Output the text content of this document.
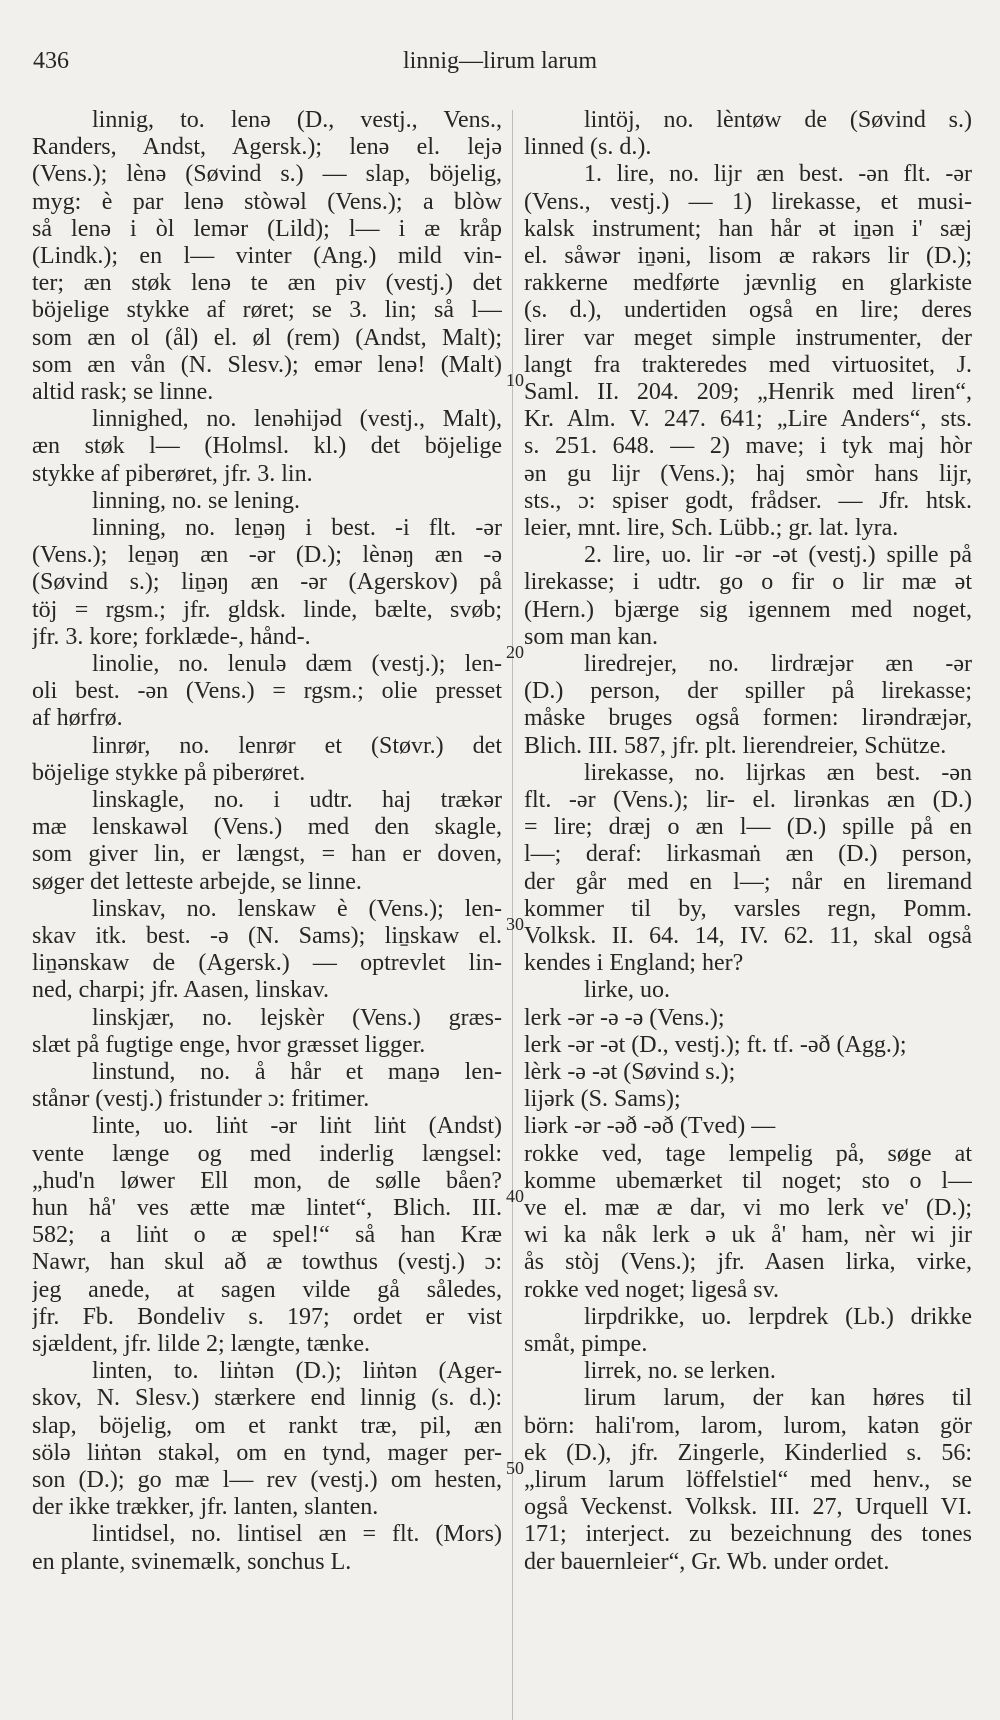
436	linnig—lirum larum
linnig, to. lenə (D., vestj., Vens.,
Randers, Andst, Agersk.); lenə el. lejə
(Vens.); lènə (Søvind s.) — slap, böjelig,
myg: è par lenə stòwəl (Vens.); a blòw
så lenə i òl lemər (Lild); l— i æ kråp
(Lindk.); en l— vinter (Ang.) mild vin-
ter; æn støk lenə te æn piv (vestj.) det
böjelige stykke af røret; se 3. lin; så l—
som æn ol (ål) el. øl (rem) (Andst, Malt);
som æn vån (N. Slesv.); emər lenə! (Malt)
altid rask; se linne.
linnighed, no. lenəhijəd (vestj., Malt),
æn støk l— (Holmsl. kl.) det böjelige
stykke af piberøret, jfr. 3. lin.
linning, no. se lening.
linning, no. leṉəŋ i best. -i flt. -ər
(Vens.); leṉəŋ æn -ər (D.); lènəŋ æn -ə
(Søvind s.); liṉəŋ æn -ər (Agerskov) på
töj = rgsm.; jfr. gldsk. linde, bælte, svøb;
jfr. 3. kore; forklæde-, hånd-.
linolie, no. lenulə dæm (vestj.); len-
oli best. -ən (Vens.) = rgsm.; olie presset
af hørfrø.
linrør, no. lenrør et (Støvr.) det
böjelige stykke på piberøret.
linskagle, no. i udtr. haj trækər
mæ lenskawəl (Vens.) med den skagle,
som giver lin, er længst, = han er doven,
søger det letteste arbejde, se linne.
linskav, no. lenskaw è (Vens.); len-
skav itk. best. -ə (N. Sams); liṉskaw el.
liṉənskaw de (Agersk.) — optrevlet lin-
ned, charpi; jfr. Aasen, linskav.
linskjær, no. lejskèr (Vens.) græs-
slæt på fugtige enge, hvor græsset ligger.
linstund, no. å hår et maṉə len-
stånər (vestj.) fristunder ɔ: fritimer.
linte, uo. liṅt -ər liṅt liṅt (Andst)
vente længe og med inderlig længsel:
„hud'n løwer Ell mon, de sølle båen?
hun hå' ves ætte mæ lintet“, Blich. III.
582; a liṅt o æ spel!“ så han Kræ
Nawr, han skul að æ towthus (vestj.) ɔ:
jeg anede, at sagen vilde gå således,
jfr. Fb. Bondeliv s. 197; ordet er vist
sjældent, jfr. lilde 2; længte, tænke.
linten, to. liṅtən (D.); liṅtən (Ager-
skov, N. Slesv.) stærkere end linnig (s. d.):
slap, böjelig, om et rankt træ, pil, æn
sölə liṅtən stakəl, om en tynd, mager per-
son (D.); go mæ l— rev (vestj.) om hesten,
der ikke trækker, jfr. lanten, slanten.
lintidsel, no. lintisel æn = flt. (Mors)
en plante, svinemælk, sonchus L.
lintöj, no. lèntøw de (Søvind s.)
linned (s. d.).
1. lire, no. lijr æn best. -ən flt. -ər
(Vens., vestj.) — 1) lirekasse, et musi-
kalsk instrument; han hår ət iṉən i' sæj
el. såwər iṉəni, lisom æ rakərs lir (D.);
rakkerne medførte jævnlig en glarkiste
(s. d.), undertiden også en lire; deres
lirer var meget simple instrumenter, der
langt fra trakteredes med virtuositet, J.
Saml. II. 204. 209; „Henrik med liren“,
Kr. Alm. V. 247. 641; „Lire Anders“, sts.
s. 251. 648. — 2) mave; i tyk maj hòr
ən gu lijr (Vens.); haj smòr hans lijr,
sts., ɔ: spiser godt, frådser. — Jfr. htsk.
leier, mnt. lire, Sch. Lübb.; gr. lat. lyra.
2. lire, uo. lir -ər -ət (vestj.) spille på
lirekasse; i udtr. go o fir o lir mæ ət
(Hern.) bjærge sig igennem med noget,
som man kan.
liredrejer, no. lirdræjər æn -ər
(D.) person, der spiller på lirekasse;
måske bruges også formen: lirəndræjər,
Blich. III. 587, jfr. plt. lierendreier, Schütze.
lirekasse, no. lijrkas æn best. -ən
flt. -ər (Vens.); lir- el. lirənkas æn (D.)
= lire; dræj o æn l— (D.) spille på en
l—; deraf: lirkasmaṅ æn (D.) person,
der går med en l—; når en liremand
kommer til by, varsles regn, Pomm.
Volksk. II. 64. 14, IV. 62. 11, skal også
kendes i England; her?
lirke, uo.
lerk -ər -ə -ə (Vens.);
lerk -ər -ət (D., vestj.); ft. tf. -əð (Agg.);
lèrk -ə -ət (Søvind s.);
lijərk (S. Sams);
liərk -ər -əð -əð (Tved) —
rokke ved, tage lempelig på, søge at
komme ubemærket til noget; sto o l—
ve el. mæ æ dar, vi mo lerk ve' (D.);
wi ka nåk lerk ə uk å' ham, nèr wi jir
ås stòj (Vens.); jfr. Aasen lirka, virke,
rokke ved noget; ligeså sv.
lirpdrikke, uo. lerpdrek (Lb.) drikke
småt, pimpe.
lirrek, no. se lerken.
lirum larum, der kan høres til
börn: hali'rom, larom, lurom, katən gör
ek (D.), jfr. Zingerle, Kinderlied s. 56:
„lirum larum löffelstiel“ med henv., se
også Veckenst. Volksk. III. 27, Urquell VI.
171; interject. zu bezeichnung des tones
der bauernleier“, Gr. Wb. under ordet.
10
20
30
40
50
